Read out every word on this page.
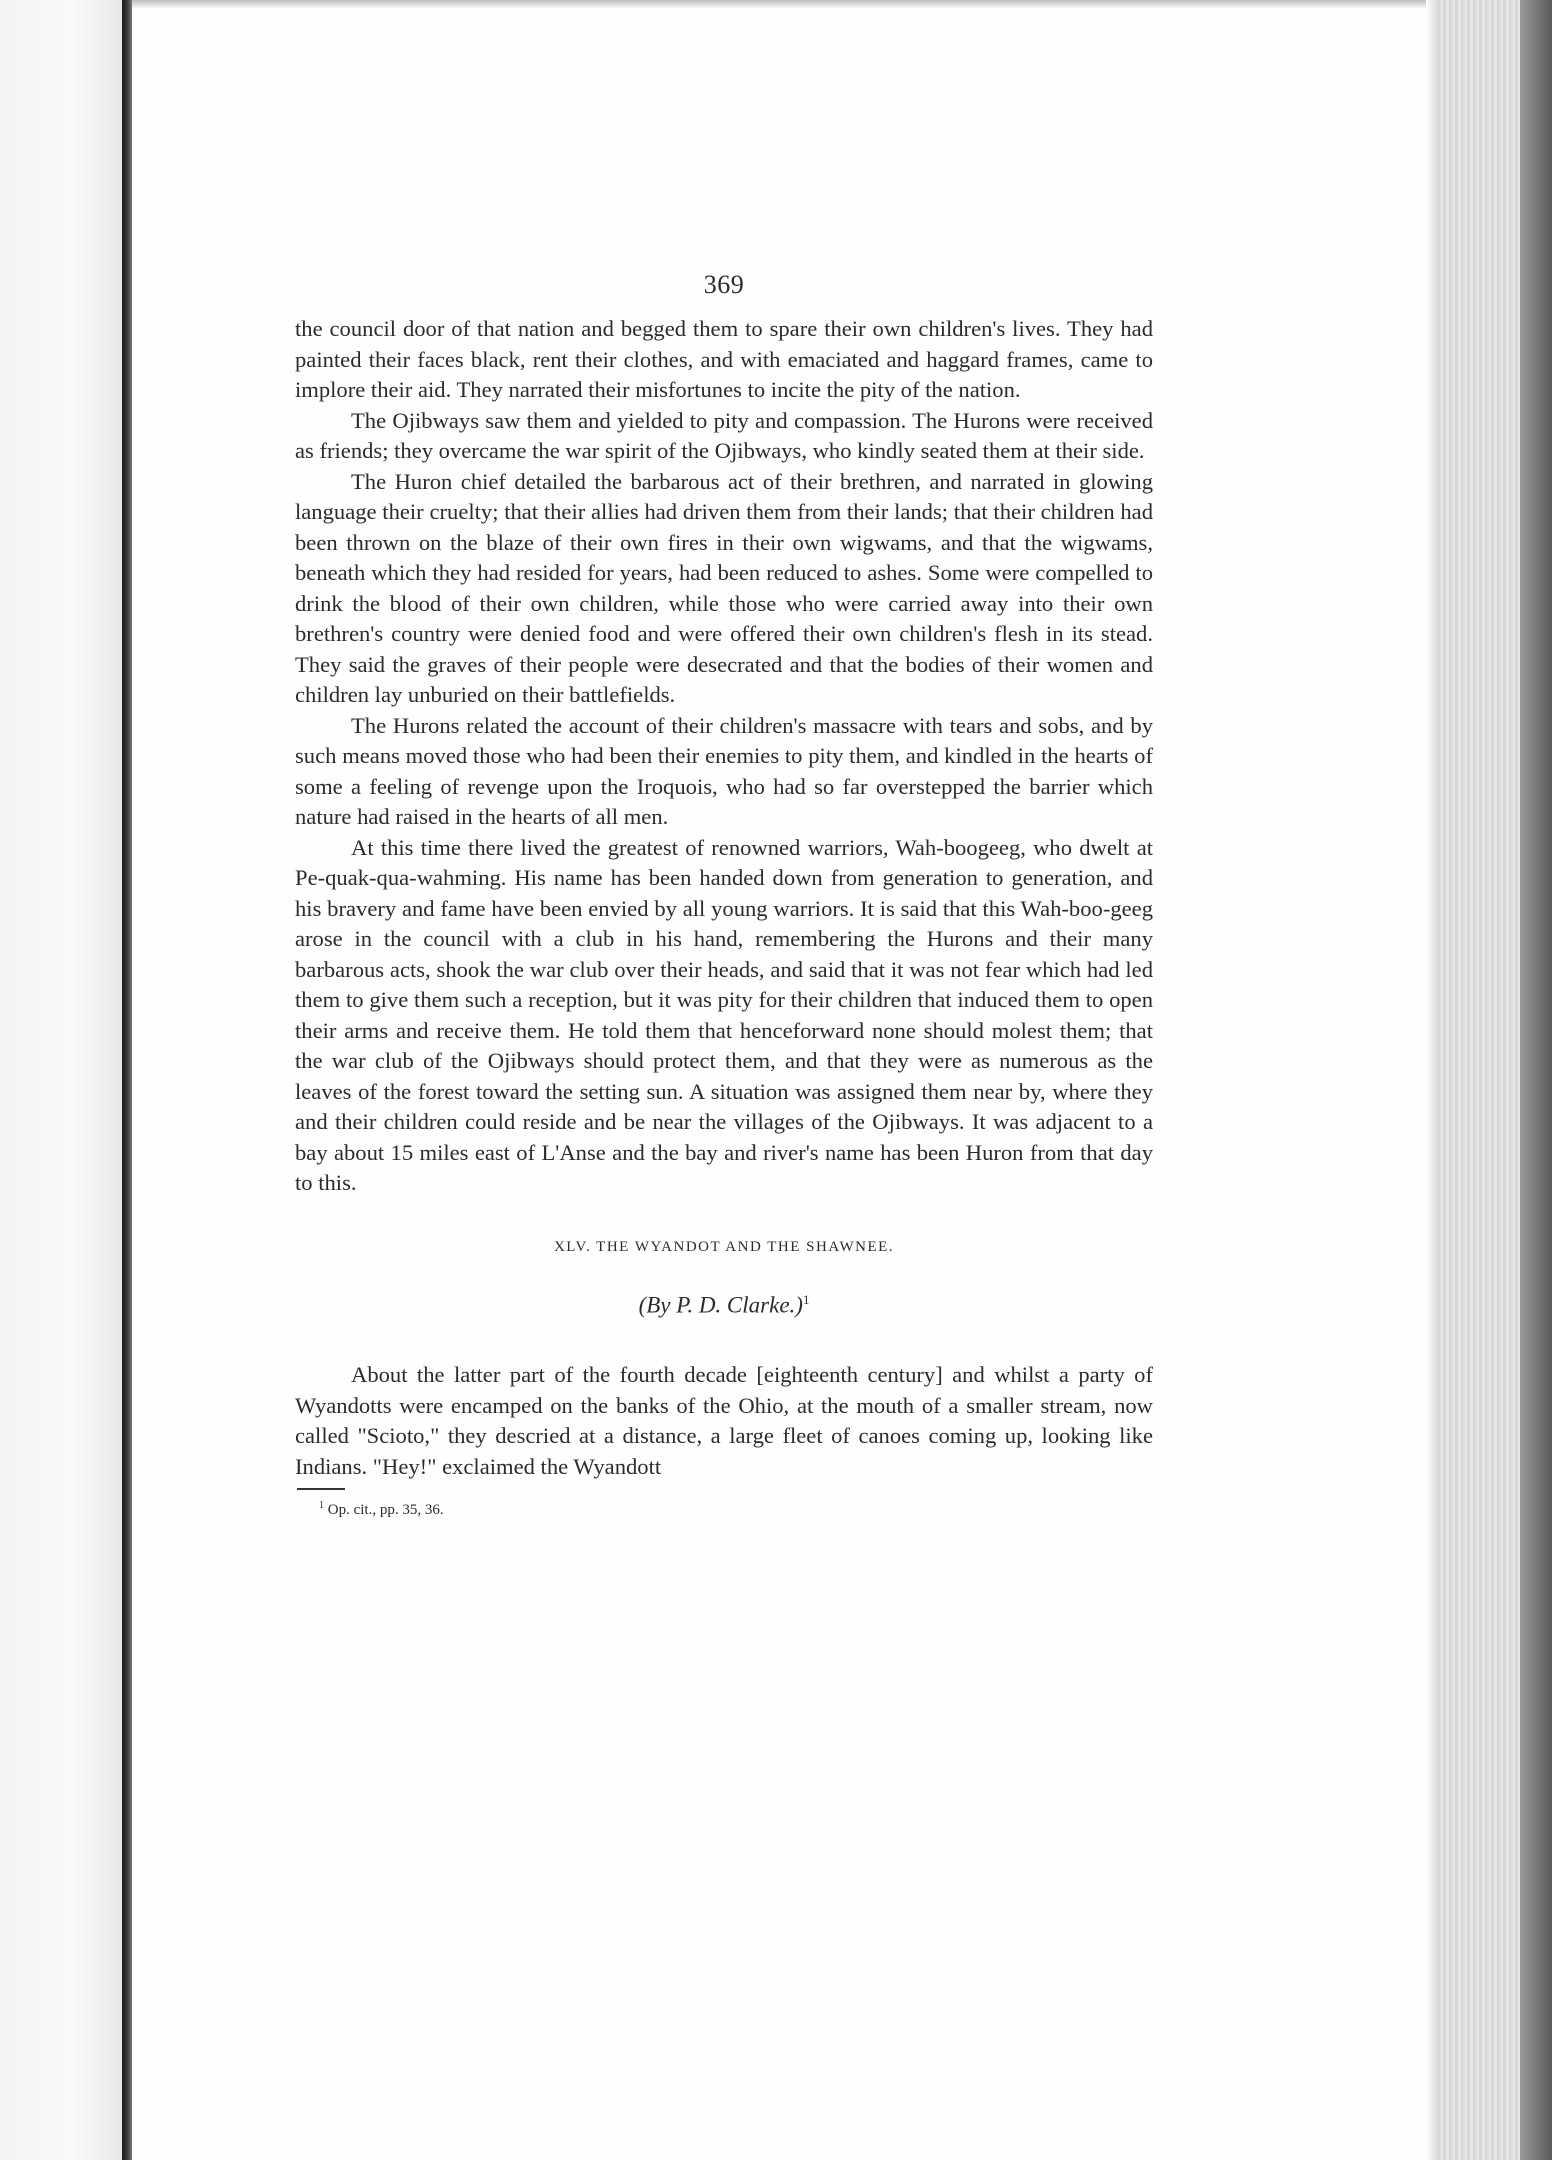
369

the council door of that nation and begged them to spare their own children's lives. They had painted their faces black, rent their clothes, and with emaciated and haggard frames, came to implore their aid. They narrated their misfortunes to incite the pity of the nation.

The Ojibways saw them and yielded to pity and compassion. The Hurons were received as friends; they overcame the war spirit of the Ojibways, who kindly seated them at their side.

The Huron chief detailed the barbarous act of their brethren, and narrated in glowing language their cruelty; that their allies had driven them from their lands; that their children had been thrown on the blaze of their own fires in their own wigwams, and that the wigwams, beneath which they had resided for years, had been reduced to ashes. Some were compelled to drink the blood of their own children, while those who were carried away into their own brethren's country were denied food and were offered their own children's flesh in its stead. They said the graves of their people were desecrated and that the bodies of their women and children lay unburied on their battlefields.

The Hurons related the account of their children's massacre with tears and sobs, and by such means moved those who had been their enemies to pity them, and kindled in the hearts of some a feeling of revenge upon the Iroquois, who had so far overstepped the barrier which nature had raised in the hearts of all men.

At this time there lived the greatest of renowned warriors, Wah-boogeeg, who dwelt at Pe-quak-qua-wahming. His name has been handed down from generation to generation, and his bravery and fame have been envied by all young warriors. It is said that this Wah-boo-geeg arose in the council with a club in his hand, remembering the Hurons and their many barbarous acts, shook the war club over their heads, and said that it was not fear which had led them to give them such a reception, but it was pity for their children that induced them to open their arms and receive them. He told them that henceforward none should molest them; that the war club of the Ojibways should protect them, and that they were as numerous as the leaves of the forest toward the setting sun. A situation was assigned them near by, where they and their children could reside and be near the villages of the Ojibways. It was adjacent to a bay about 15 miles east of L'Anse and the bay and river's name has been Huron from that day to this.

XLV. THE WYANDOT AND THE SHAWNEE.
(By P. D. Clarke.)$^1$

About the latter part of the fourth decade [eighteenth century] and whilst a party of Wyandotts were encamped on the banks of the Ohio, at the mouth of a smaller stream, now called "Scioto," they descried at a distance, a large fleet of canoes coming up, looking like Indians. "Hey!" exclaimed the Wyandott

$^1$ Op. cit., pp. 35, 36.
